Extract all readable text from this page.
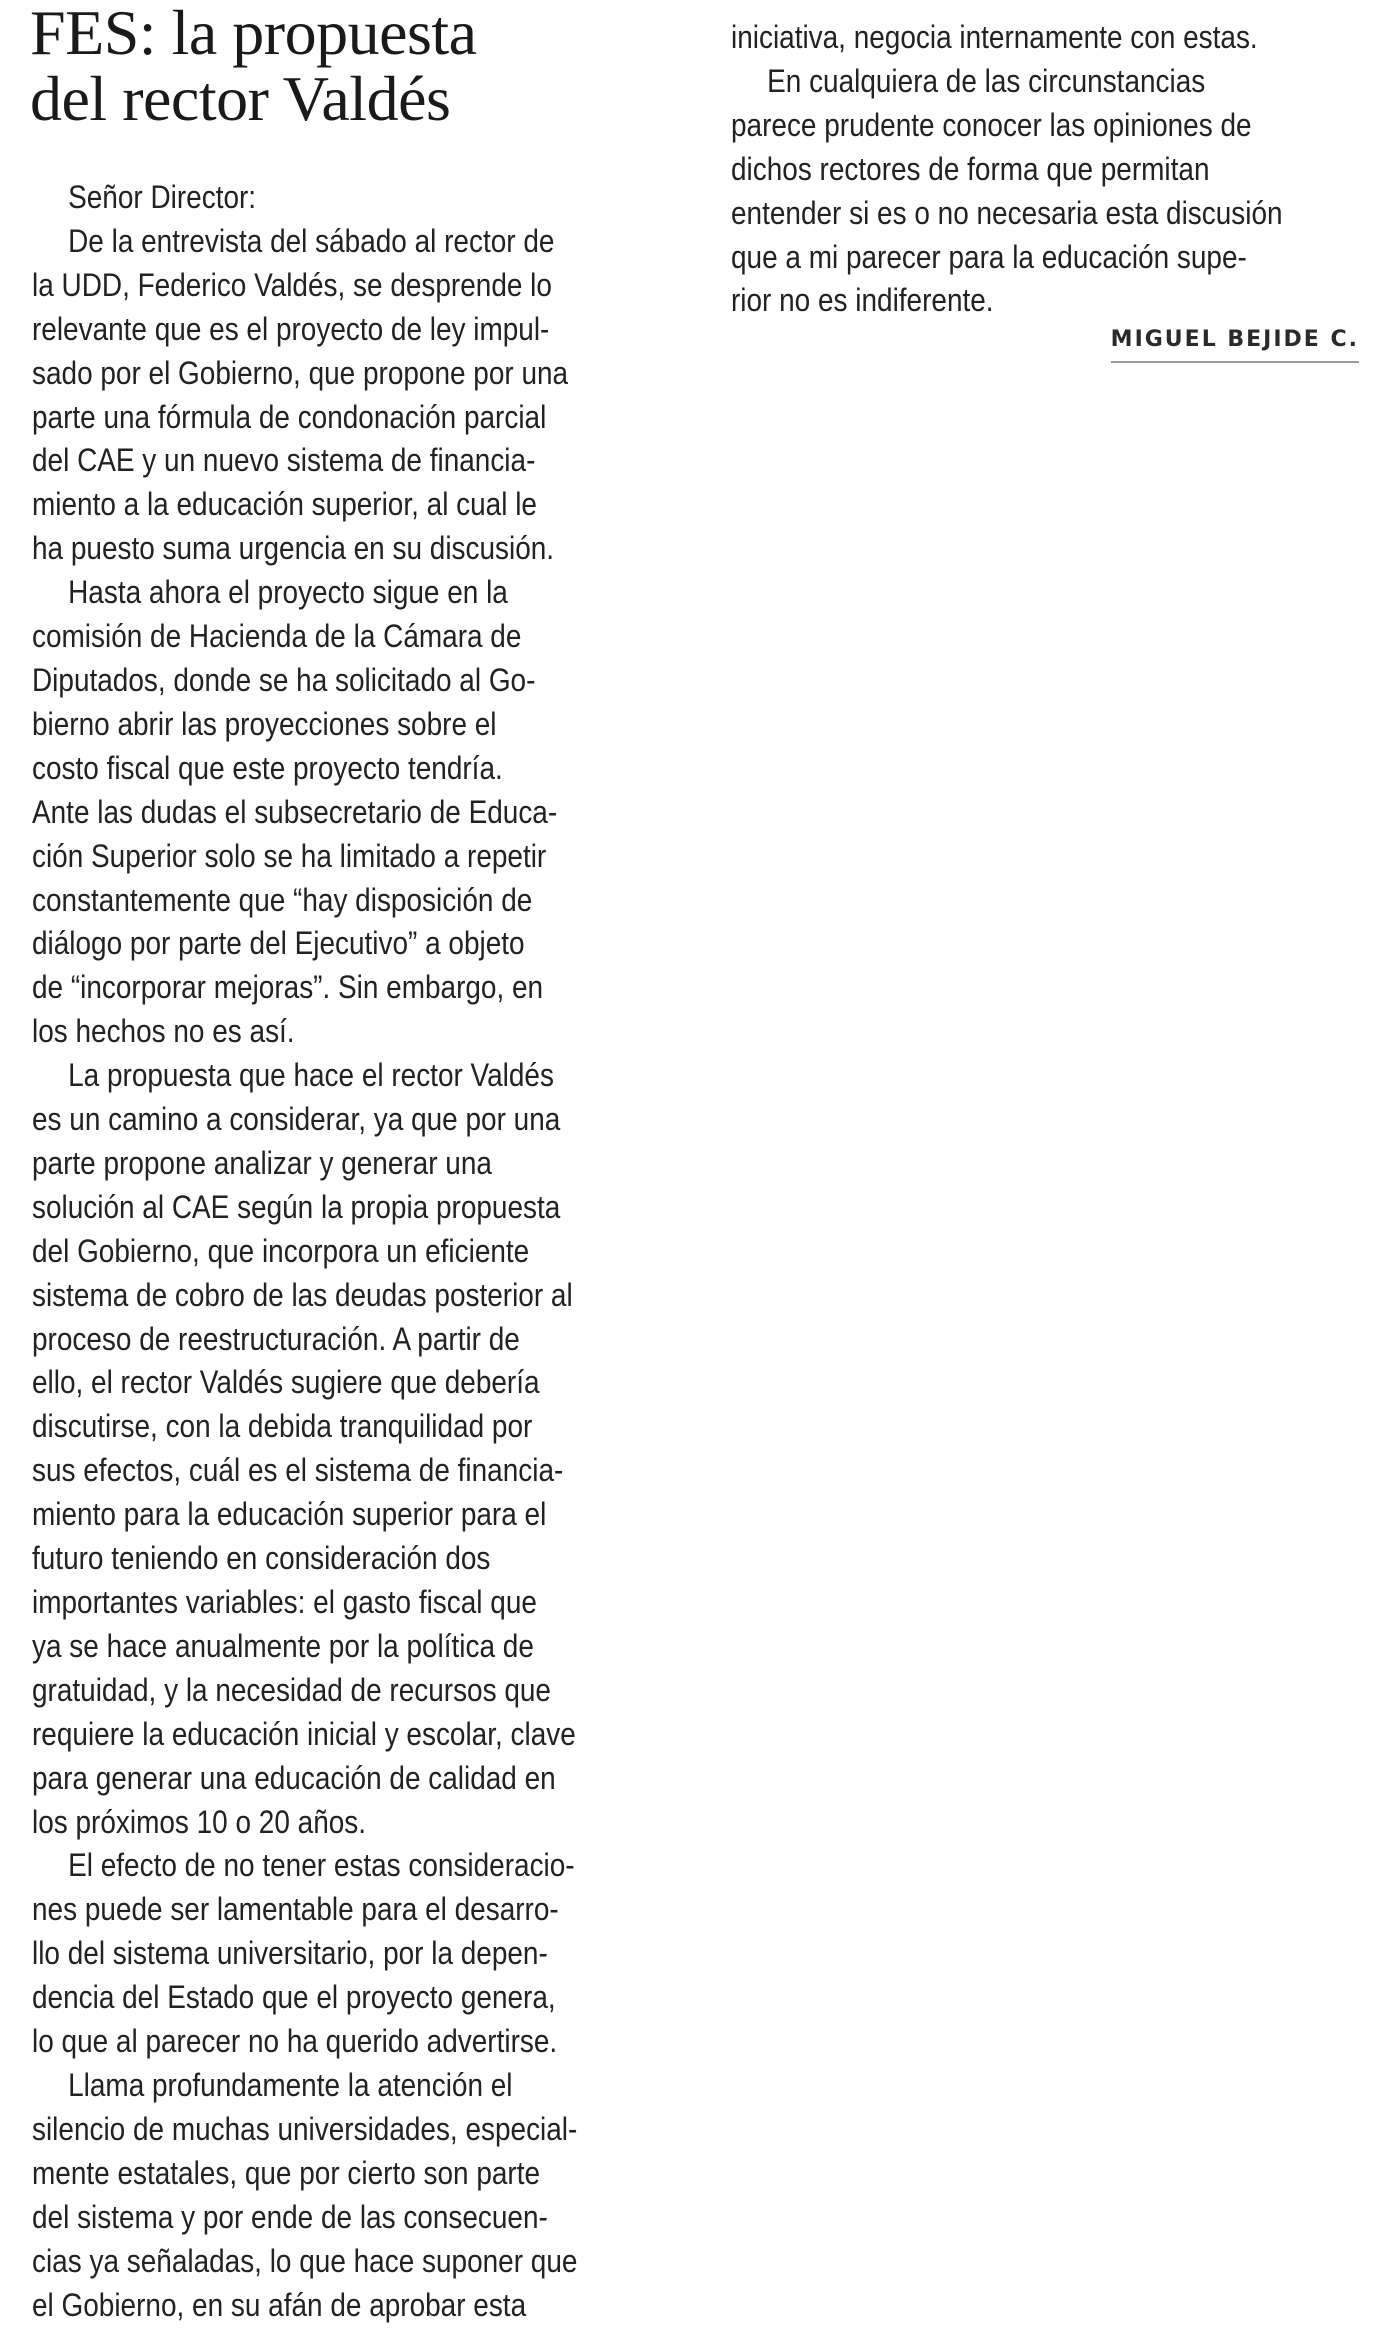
FES: la propuesta
del rector Valdés

Señor Director:

De la entrevista del sábado al rector de
la UDD, Federico Valdés, se desprende lo
relevante que es el proyecto de ley impul-
sado por el Gobierno, que propone por una
parte una fórmula de condonación parcial
del CAE y un nuevo sistema de financia-
miento a la educación superior, al cual le
ha puesto suma urgencia en su discusión.

Hasta ahora el proyecto sigue en la
comisión de Hacienda de la Cámara de
Diputados, donde se ha solicitado al Go-
bierno abrir las proyecciones sobre el
costo fiscal que este proyecto tendría.
Ante las dudas el subsecretario de Educa-
ción Superior solo se ha limitado a repetir
constantemente que “hay disposición de
diálogo por parte del Ejecutivo” a objeto
de “incorporar mejoras”. Sin embargo, en
los hechos no es así.

La propuesta que hace el rector Valdés
es un camino a considerar, ya que por una
parte propone analizar y generar una
solución al CAE según la propia propuesta
del Gobierno, que incorpora un eficiente
sistema de cobro de las deudas posterior al
proceso de reestructuración. A partir de
ello, el rector Valdés sugiere que debería
discutirse, con la debida tranquilidad por
sus efectos, cuál es el sistema de financia-
miento para la educación superior para el
futuro teniendo en consideración dos
importantes variables: el gasto fiscal que
ya se hace anualmente por la política de
gratuidad, y la necesidad de recursos que
requiere la educación inicial y escolar, clave
para generar una educación de calidad en
los próximos 10 o 20 años.

El efecto de no tener estas consideracio-
nes puede ser lamentable para el desarro-
llo del sistema universitario, por la depen-
dencia del Estado que el proyecto genera,
lo que al parecer no ha querido advertirse.

Llama profundamente la atención el
silencio de muchas universidades, especial-
mente estatales, que por cierto son parte
del sistema y por ende de las consecuen-
cias ya señaladas, lo que hace suponer que
el Gobierno, en su afán de aprobar esta

iniciativa, negocia internamente con estas.

En cualquiera de las circunstancias
parece prudente conocer las opiniones de
dichos rectores de forma que permitan
entender si es o no necesaria esta discusión
que a mi parecer para la educación supe-
rior no es indiferente.

MIGUEL BEJIDE C.
